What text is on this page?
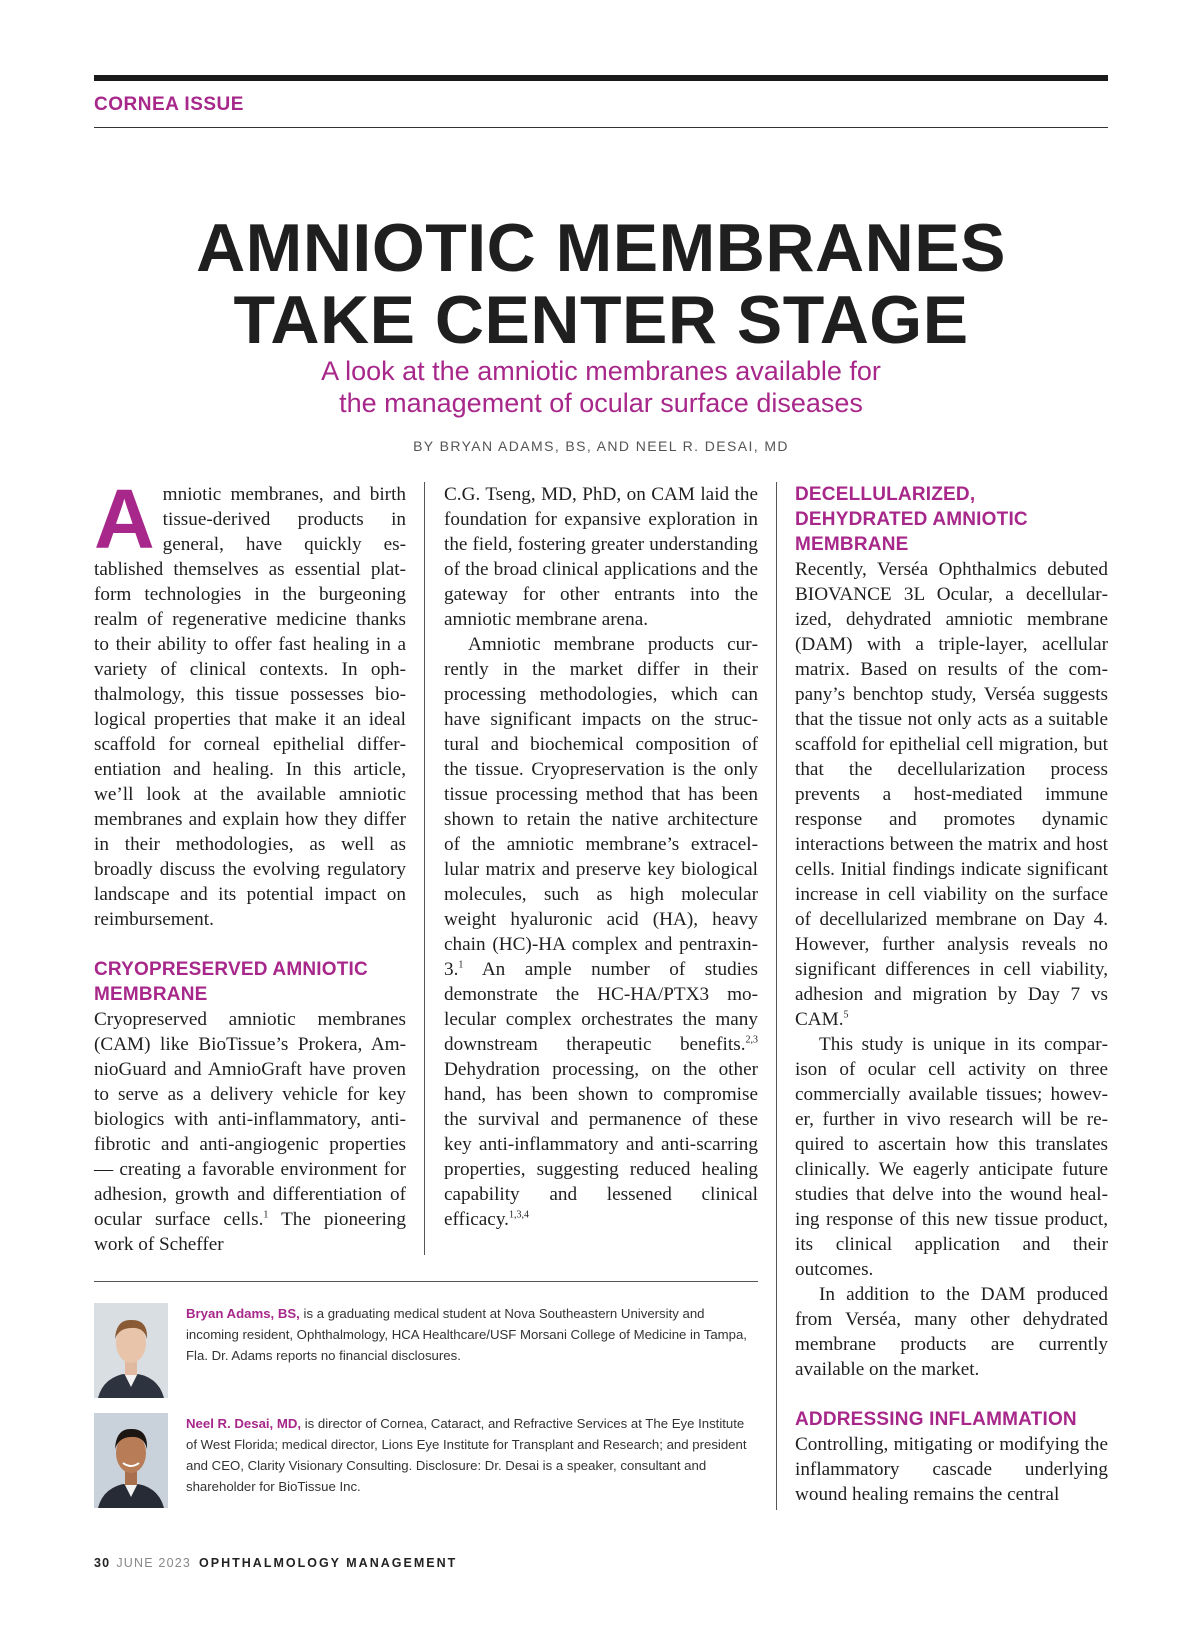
CORNEA ISSUE
AMNIOTIC MEMBRANES
TAKE CENTER STAGE
A look at the amniotic membranes available for
the management of ocular surface diseases
BY BRYAN ADAMS, BS, AND NEEL R. DESAI, MD

Amniotic membranes, and birth tissue-derived products in general, have quickly established themselves as essential platform technologies in the burgeoning realm of regenerative medicine thanks to their ability to offer fast healing in a variety of clinical contexts. In ophthalmology, this tissue possesses biological properties that make it an ideal scaffold for corneal epithelial differentiation and healing. In this article, we’ll look at the available amniotic membranes and explain how they differ in their methodologies, as well as broadly discuss the evolving regulatory landscape and its potential impact on reimbursement.

CRYOPRESERVED AMNIOTIC MEMBRANE

Cryopreserved amniotic membranes (CAM) like BioTissue’s Prokera, AmnioGuard and AmnioGraft have proven to serve as a delivery vehicle for key biologics with anti-inflammatory, anti-fibrotic and anti-angiogenic properties — creating a favorable environment for adhesion, growth and differentiation of ocular surface cells.$^1$ The pioneering work of Scheffer

C.G. Tseng, MD, PhD, on CAM laid the foundation for expansive exploration in the field, fostering greater understanding of the broad clinical applications and the gateway for other entrants into the amniotic membrane arena.

Amniotic membrane products currently in the market differ in their processing methodologies, which can have significant impacts on the structural and biochemical composition of the tissue. Cryopreservation is the only tissue processing method that has been shown to retain the native architecture of the amniotic membrane’s extracellular matrix and preserve key biological molecules, such as high molecular weight hyaluronic acid (HA), heavy chain (HC)-HA complex and pentraxin-3.$^1$ An ample number of studies demonstrate the HC-HA/PTX3 molecular complex orchestrates the many downstream therapeutic benefits.$^{2,3}$ Dehydration processing, on the other hand, has been shown to compromise the survival and permanence of these key anti-inflammatory and anti-scarring properties, suggesting reduced healing capability and lessened clinical efficacy.$^{1,3,4}$

DECELLULARIZED, DEHYDRATED AMNIOTIC MEMBRANE

Recently, Verséa Ophthalmics debuted BIOVANCE 3L Ocular, a decellularized, dehydrated amniotic membrane (DAM) with a triple-layer, acellular matrix. Based on results of the company’s benchtop study, Verséa suggests that the tissue not only acts as a suitable scaffold for epithelial cell migration, but that the decellularization process prevents a host-mediated immune response and promotes dynamic interactions between the matrix and host cells. Initial findings indicate significant increase in cell viability on the surface of decellularized membrane on Day 4. However, further analysis reveals no significant differences in cell viability, adhesion and migration by Day 7 vs CAM.$^5$

This study is unique in its comparison of ocular cell activity on three commercially available tissues; however, further in vivo research will be required to ascertain how this translates clinically. We eagerly anticipate future studies that delve into the wound healing response of this new tissue product, its clinical application and their outcomes.

In addition to the DAM produced from Verséa, many other dehydrated membrane products are currently available on the market.

ADDRESSING INFLAMMATION

Controlling, mitigating or modifying the inflammatory cascade underlying wound healing remains the central

Bryan Adams, BS, is a graduating medical student at Nova Southeastern University and incoming resident, Ophthalmology, HCA Healthcare/USF Morsani College of Medicine in Tampa, Fla. Dr. Adams reports no financial disclosures.
Neel R. Desai, MD, is director of Cornea, Cataract, and Refractive Services at The Eye Institute of West Florida; medical director, Lions Eye Institute for Transplant and Research; and president and CEO, Clarity Visionary Consulting. Disclosure: Dr. Desai is a speaker, consultant and shareholder for BioTissue Inc.
30 JUNE 2023 OPHTHALMOLOGY MANAGEMENT
